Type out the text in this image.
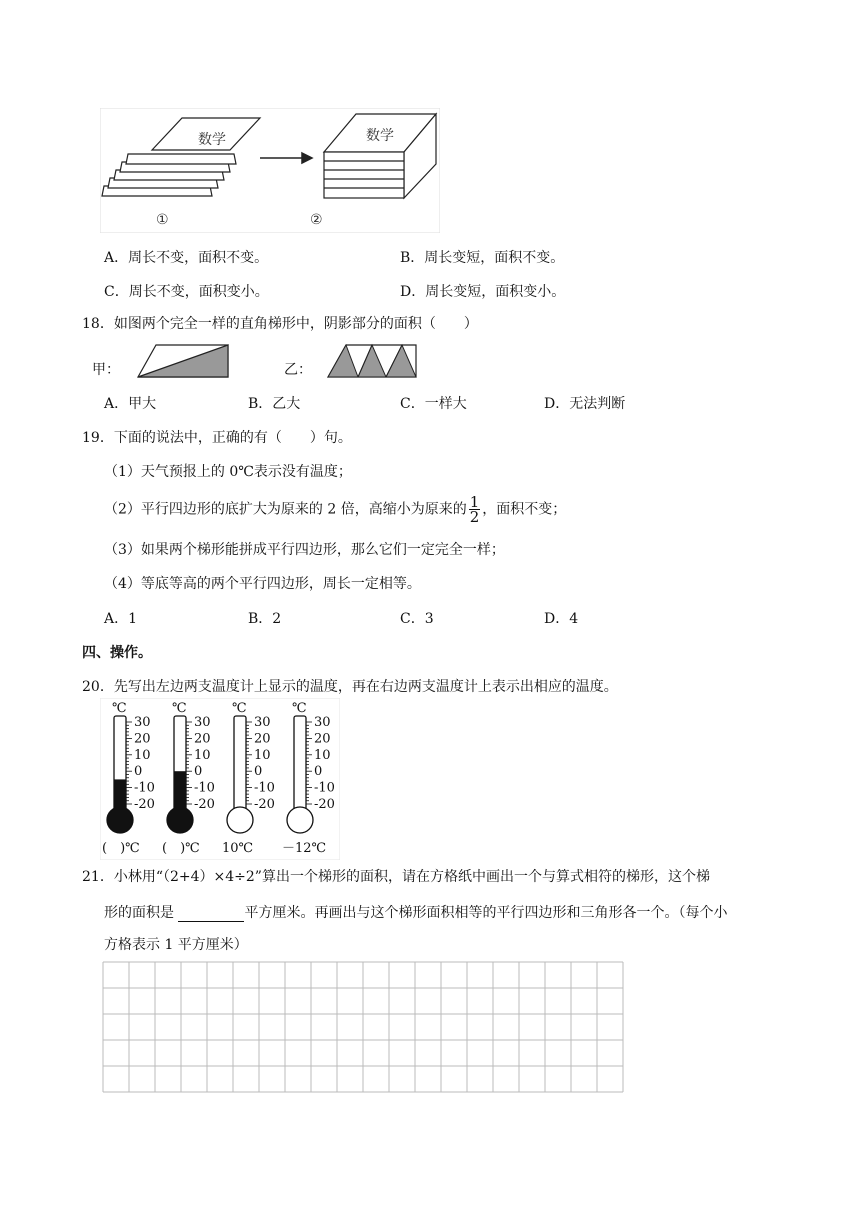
数学	数学
①	②
A．周长不变，面积不变。	B．周长变短，面积不变。
C．周长不变，面积变小。	D．周长变短，面积变小。
18．如图两个完全一样的直角梯形中，阴影部分的面积（　　）
甲：	乙：
A．甲大	B．乙大	C．一样大	D．无法判断
19．下面的说法中，正确的有（　　）句。
（1）天气预报上的 0℃表示没有温度；
（2）平行四边形的底扩大为原来的 2 倍，高缩小为原来的 $\frac{1}{2}$ ，面积不变；
（3）如果两个梯形能拼成平行四边形，那么它们一定完全一样；
（4）等底等高的两个平行四边形，周长一定相等。
A．1	B．2	C．3	D．4
四、操作。
20．先写出左边两支温度计上显示的温度，再在右边两支温度计上表示出相应的温度。
℃
30
20
10
0
-10
-20
(　)℃
℃
30
20
10
0
-10
-20
(　)℃
℃
30
20
10
0
-10
-20
10℃
℃
30
20
10
0
-10
-20
－12℃
21．小林用“（2+4）×4÷2”算出一个梯形的面积，请在方格纸中画出一个与算式相符的梯形，这个梯
形的面积是	平方厘米。再画出与这个梯形面积相等的平行四边形和三角形各一个。（每个小
方格表示 1 平方厘米）
